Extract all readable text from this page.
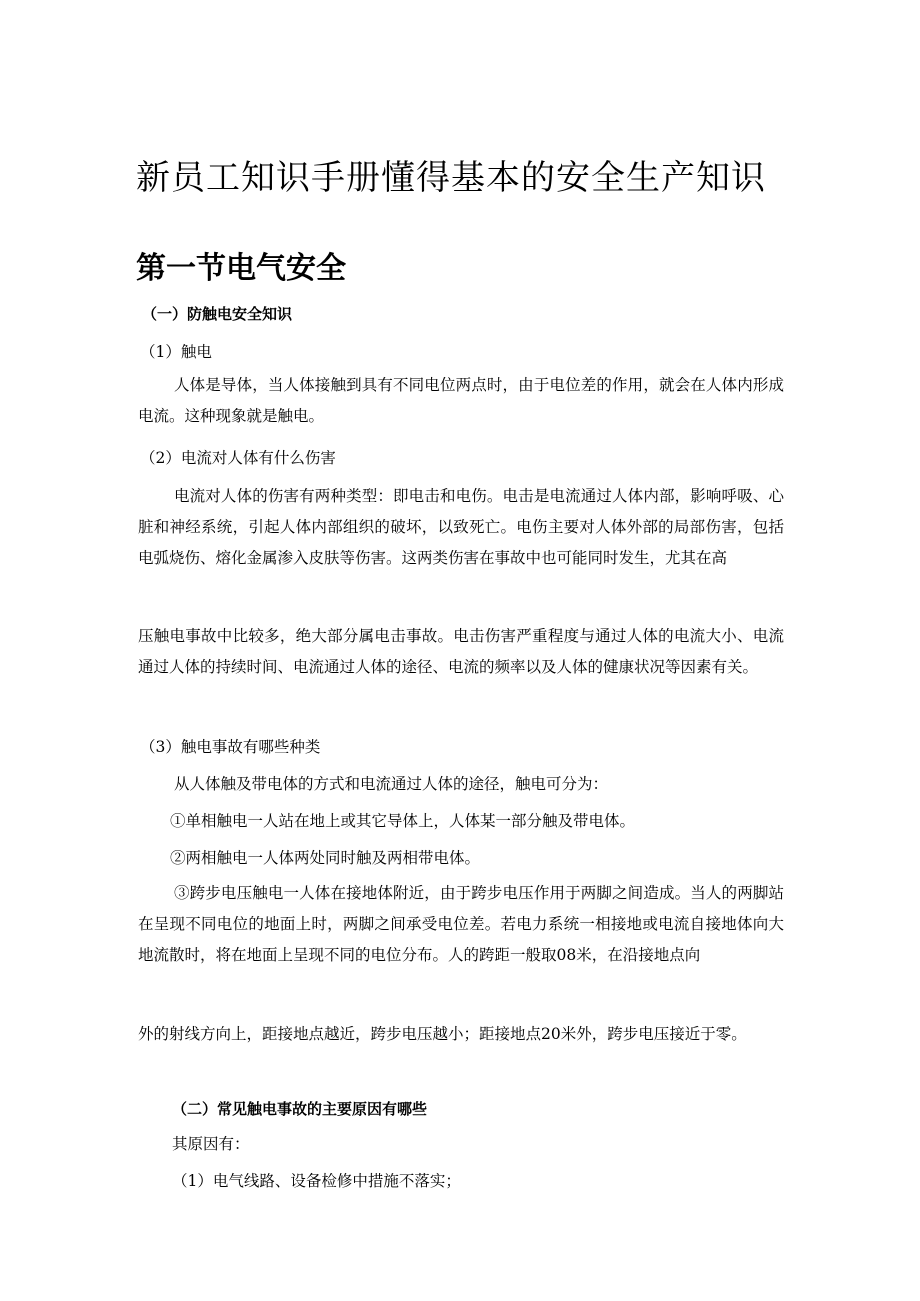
新员工知识手册懂得基本的安全生产知识
第一节电气安全
（一）防触电安全知识
（1）触电

人体是导体，当人体接触到具有不同电位两点时，由于电位差的作用，就会在人体内形成电流。这种现象就是触电。

（2）电流对人体有什么伤害

电流对人体的伤害有两种类型：即电击和电伤。电击是电流通过人体内部，影响呼吸、心脏和神经系统，引起人体内部组织的破坏，以致死亡。电伤主要对人体外部的局部伤害，包括电弧烧伤、熔化金属渗入皮肤等伤害。这两类伤害在事故中也可能同时发生，尤其在高

压触电事故中比较多，绝大部分属电击事故。电击伤害严重程度与通过人体的电流大小、电流通过人体的持续时间、电流通过人体的途径、电流的频率以及人体的健康状况等因素有关。

（3）触电事故有哪些种类
从人体触及带电体的方式和电流通过人体的途径，触电可分为：
①单相触电一人站在地上或其它导体上，人体某一部分触及带电体。
②两相触电一人体两处同时触及两相带电体。

③跨步电压触电一人体在接地体附近，由于跨步电压作用于两脚之间造成。当人的两脚站在呈现不同电位的地面上时，两脚之间承受电位差。若电力系统一相接地或电流自接地体向大地流散时，将在地面上呈现不同的电位分布。人的跨距一般取08米，在沿接地点向

外的射线方向上，距接地点越近，跨步电压越小；距接地点20米外，跨步电压接近于零。

（二）常见触电事故的主要原因有哪些
其原因有：
（1）电气线路、设备检修中措施不落实；
